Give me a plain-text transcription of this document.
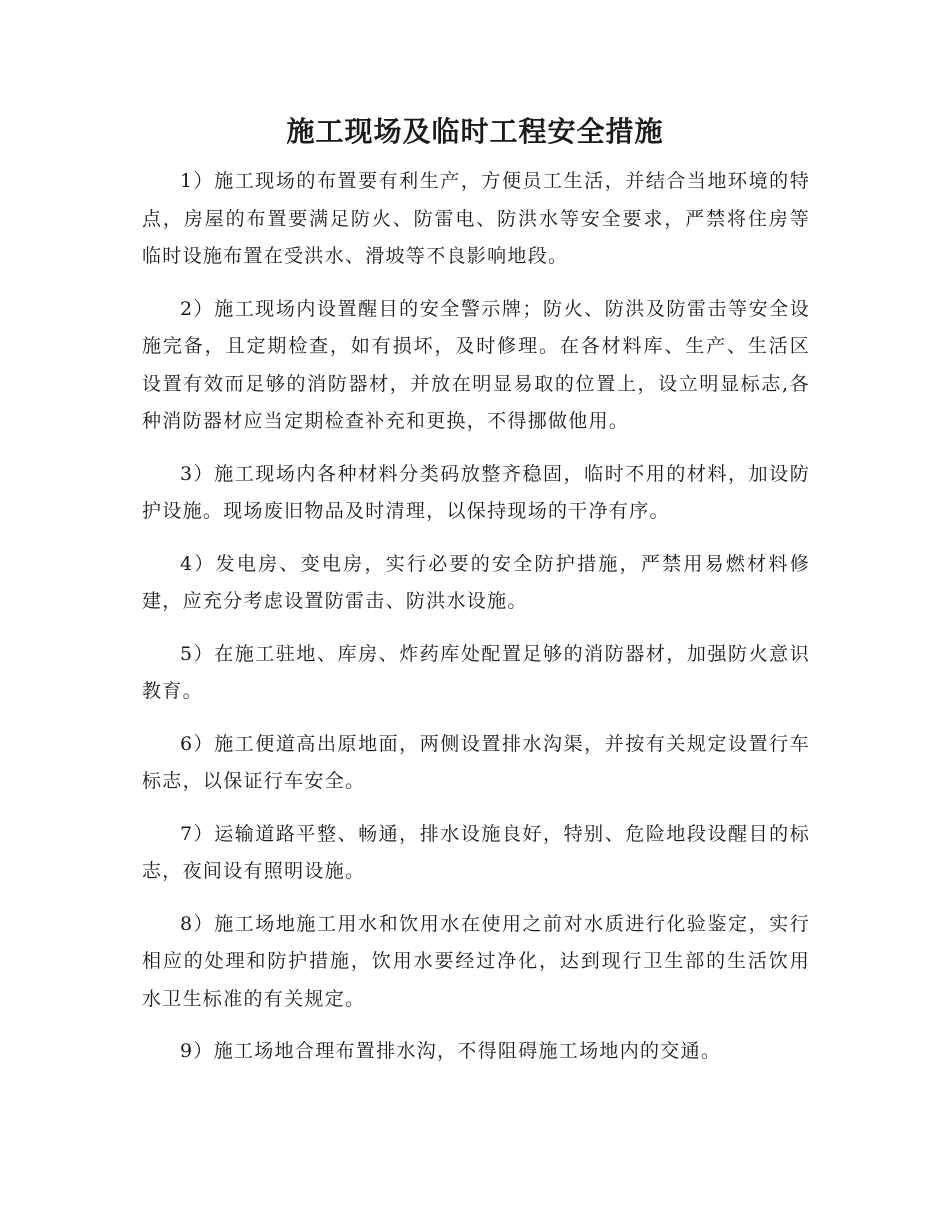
施工现场及临时工程安全措施

1）施工现场的布置要有利生产，方便员工生活，并结合当地环境的特点，房屋的布置要满足防火、防雷电、防洪水等安全要求，严禁将住房等临时设施布置在受洪水、滑坡等不良影响地段。

2）施工现场内设置醒目的安全警示牌；防火、防洪及防雷击等安全设施完备，且定期检查，如有损坏，及时修理。在各材料库、生产、生活区设置有效而足够的消防器材，并放在明显易取的位置上，设立明显标志,各种消防器材应当定期检查补充和更换，不得挪做他用。

3）施工现场内各种材料分类码放整齐稳固，临时不用的材料，加设防护设施。现场废旧物品及时清理，以保持现场的干净有序。

4）发电房、变电房，实行必要的安全防护措施，严禁用易燃材料修建，应充分考虑设置防雷击、防洪水设施。

5）在施工驻地、库房、炸药库处配置足够的消防器材，加强防火意识教育。

6）施工便道高出原地面，两侧设置排水沟渠，并按有关规定设置行车标志，以保证行车安全。

7）运输道路平整、畅通，排水设施良好，特别、危险地段设醒目的标志，夜间设有照明设施。

8）施工场地施工用水和饮用水在使用之前对水质进行化验鉴定，实行相应的处理和防护措施，饮用水要经过净化，达到现行卫生部的生活饮用水卫生标准的有关规定。

9）施工场地合理布置排水沟，不得阻碍施工场地内的交通。
